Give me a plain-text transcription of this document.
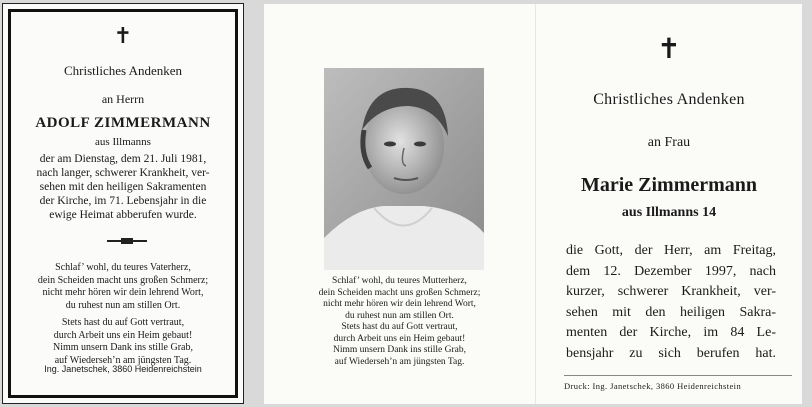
✝
Christliches Andenken
an Herrn
ADOLF ZIMMERMANN
aus Illmanns
der am Dienstag, dem 21. Juli 1981,
nach langer, schwerer Krankheit, ver-
sehen mit den heiligen Sakramenten
der Kirche, im 71. Lebensjahr in die
ewige Heimat abberufen wurde.
Schlaf’ wohl, du teures Vaterherz,
dein Scheiden macht uns großen Schmerz;
nicht mehr hören wir dein lehrend Wort,
du ruhest nun am stillen Ort.
Stets hast du auf Gott vertraut,
durch Arbeit uns ein Heim gebaut!
Nimm unsern Dank ins stille Grab,
auf Wiederseh’n am jüngsten Tag.
Ing. Janetschek, 3860 Heidenreichstein
Schlaf’ wohl, du teures Mutterherz,
dein Scheiden macht uns großen Schmerz;
nicht mehr hören wir dein lehrend Wort,
du ruhest nun am stillen Ort.
Stets hast du auf Gott vertraut,
durch Arbeit uns ein Heim gebaut!
Nimm unsern Dank ins stille Grab,
auf Wiederseh’n am jüngsten Tag.
✝
Christliches Andenken
an Frau
Marie Zimmermann
aus Illmanns 14
die Gott, der Herr, am Freitag,
dem 12. Dezember 1997, nach
kurzer, schwerer Krankheit, ver-
sehen mit den heiligen Sakra-
menten der Kirche, im 84 Le-
bensjahr zu sich berufen hat.
Druck: Ing. Janetschek, 3860 Heidenreichstein
